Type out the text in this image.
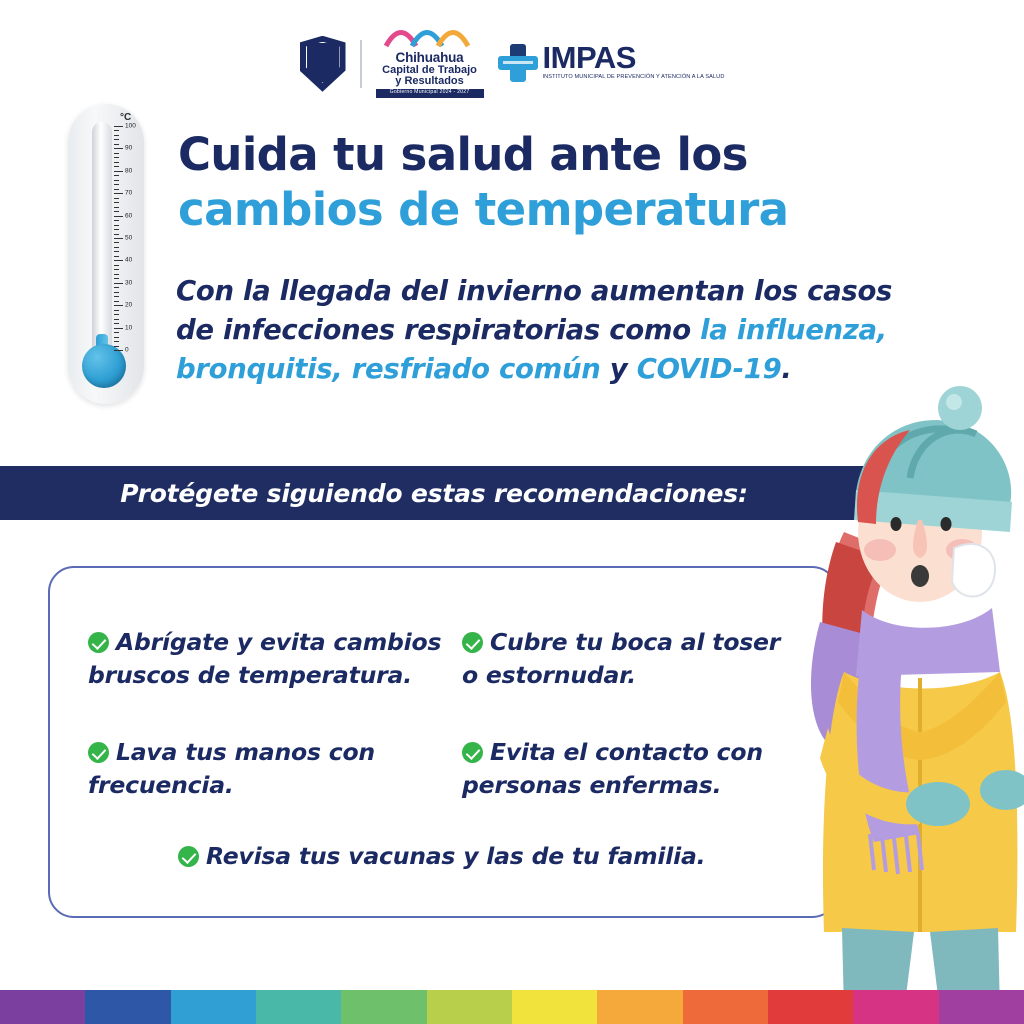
Chihuahua
Capital de Trabajo
y Resultados
Gobierno Municipal 2024 - 2027
IMPAS
INSTITUTO MUNICIPAL DE PREVENCIÓN Y ATENCIÓN A LA SALUD
°C
100
90
80
70
60
50
40
30
20
10
0
Cuida tu salud ante los
cambios de temperatura
Con la llegada del invierno aumentan los casos
de infecciones respiratorias como la influenza,
bronquitis, resfriado común y COVID-19.
Protégete siguiendo estas recomendaciones:
Abrígate y evita cambios bruscos de temperatura.
Cubre tu boca al toser o estornudar.
Lava tus manos con frecuencia.
Evita el contacto con personas enfermas.
Revisa tus vacunas y las de tu familia.
